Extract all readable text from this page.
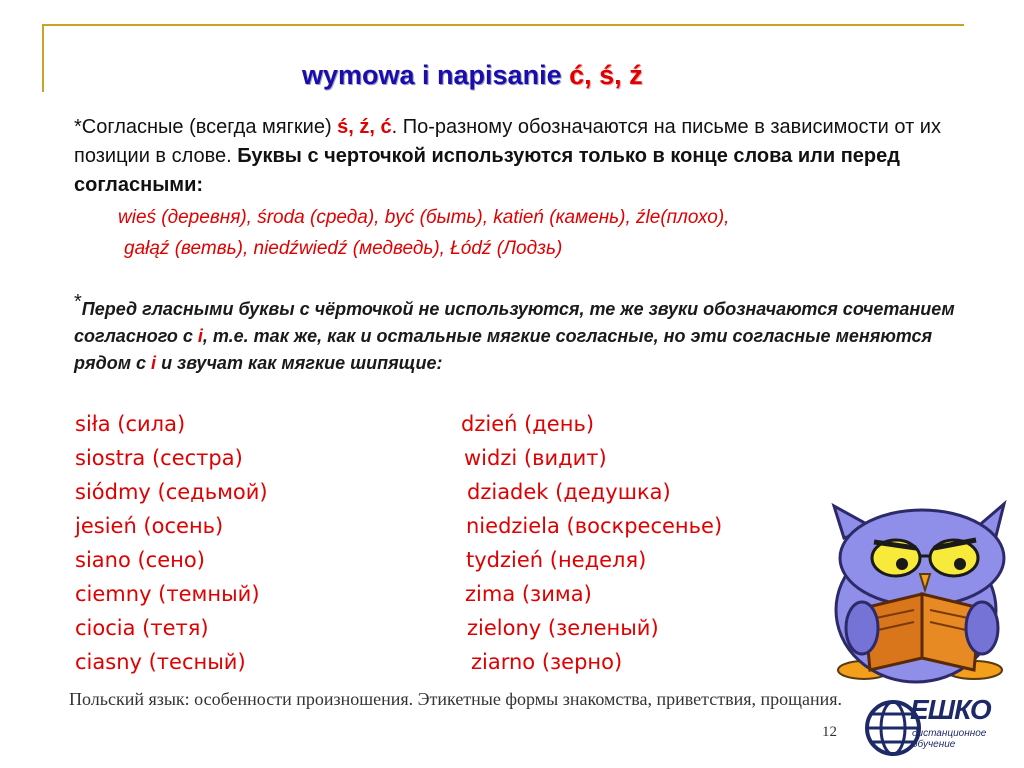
wymowa i napisanie ć, ś, ź
*Согласные (всегда мягкие) ś, ź, ć. По-разному обозначаются на письме в зависимости от их позиции в слове. Буквы с черточкой используются только в конце слова или перед согласными:
wieś (деревня), środa (среда), być (быть), katień (камень), źle(плохо),
gałąź (ветвь), niedźwiedź (медведь), Łódź (Лодзь)
*Перед гласными буквы с чёрточкой не используются, те же звуки обозначаются сочетанием согласного с i, т.е. так же, как и остальные мягкие согласные, но эти согласные меняются рядом с i и звучат как мягкие шипящие:
siła (сила)
siostra (сестра)
siódmy (седьмой)
jesień (осень)
siano (сено)
ciemny (темный)
ciocia (тетя)
ciasny (тесный)
dzień (день)
widzi (видит)
dziadek (дедушка)
niedziela (воскресенье)
tydzień (неделя)
zima (зима)
zielony (зеленый)
ziarno (зерно)
Польский язык: особенности произношения. Этикетные формы знакомства, приветствия, прощания.
12
ЕШКО
дистанционное
обучение
